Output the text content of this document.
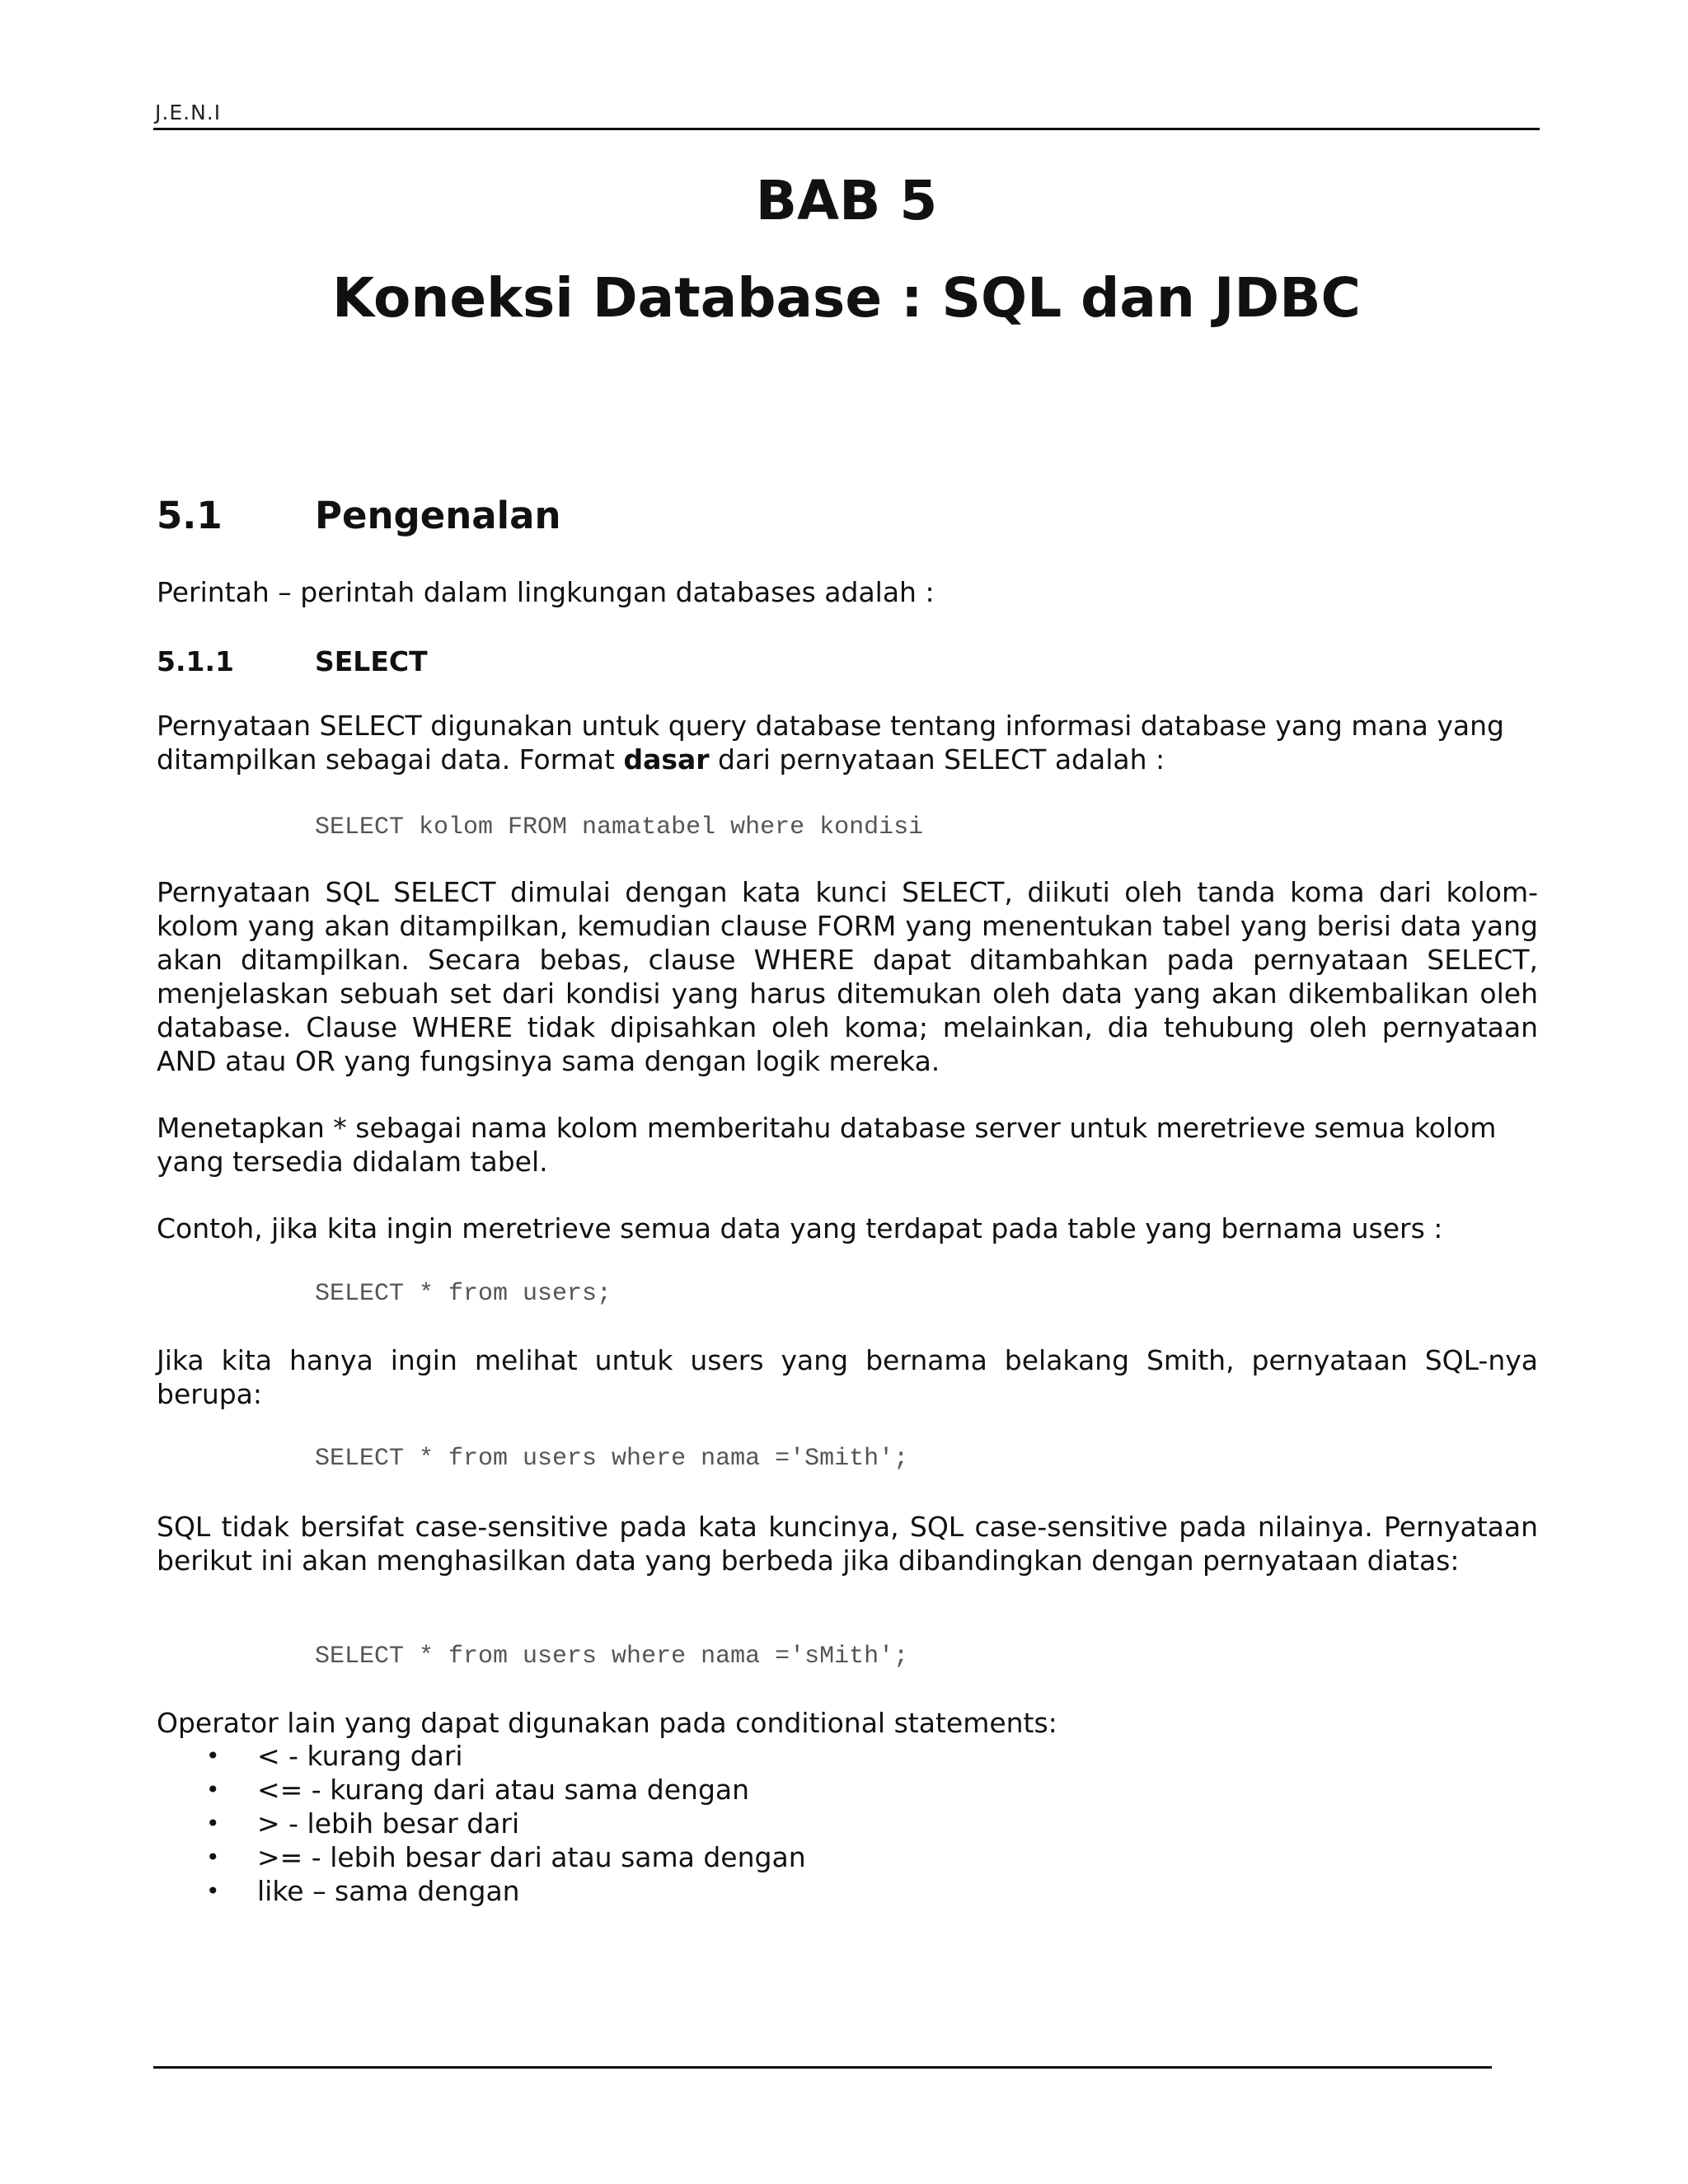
J.E.N.I
BAB 5
Koneksi Database : SQL dan JDBC
5.1 Pengenalan
Perintah – perintah dalam lingkungan databases adalah :
5.1.1	SELECT
Pernyataan SELECT digunakan untuk query database tentang informasi database yang mana yang ditampilkan sebagai data. Format dasar dari pernyataan SELECT adalah :
SELECT kolom FROM namatabel where kondisi
Pernyataan SQL SELECT dimulai dengan kata kunci SELECT, diikuti oleh tanda koma dari kolom-kolom yang akan ditampilkan, kemudian clause FORM yang menentukan tabel yang berisi data yang akan ditampilkan. Secara bebas, clause WHERE dapat ditambahkan pada pernyataan SELECT, menjelaskan sebuah set dari kondisi yang harus ditemukan oleh data yang akan dikembalikan oleh database. Clause WHERE tidak dipisahkan oleh koma; melainkan, dia tehubung oleh pernyataan AND atau OR yang fungsinya sama dengan logik mereka.
Menetapkan * sebagai nama kolom memberitahu database server untuk meretrieve semua kolom yang tersedia didalam tabel.
Contoh, jika kita ingin meretrieve semua data yang terdapat pada table yang bernama users :
SELECT * from users;
Jika kita hanya ingin melihat untuk users yang bernama belakang Smith, pernyataan SQL-nya berupa:
SELECT * from users where nama ='Smith';
SQL tidak bersifat case-sensitive pada kata kuncinya, SQL case-sensitive pada nilainya. Pernyataan berikut ini akan menghasilkan data yang berbeda jika dibandingkan dengan pernyataan diatas:
SELECT * from users where nama ='sMith';
Operator lain yang dapat digunakan pada conditional statements:
• < - kurang dari
• <= - kurang dari atau sama dengan
• > - lebih besar dari
• >= - lebih besar dari atau sama dengan
• like – sama dengan
